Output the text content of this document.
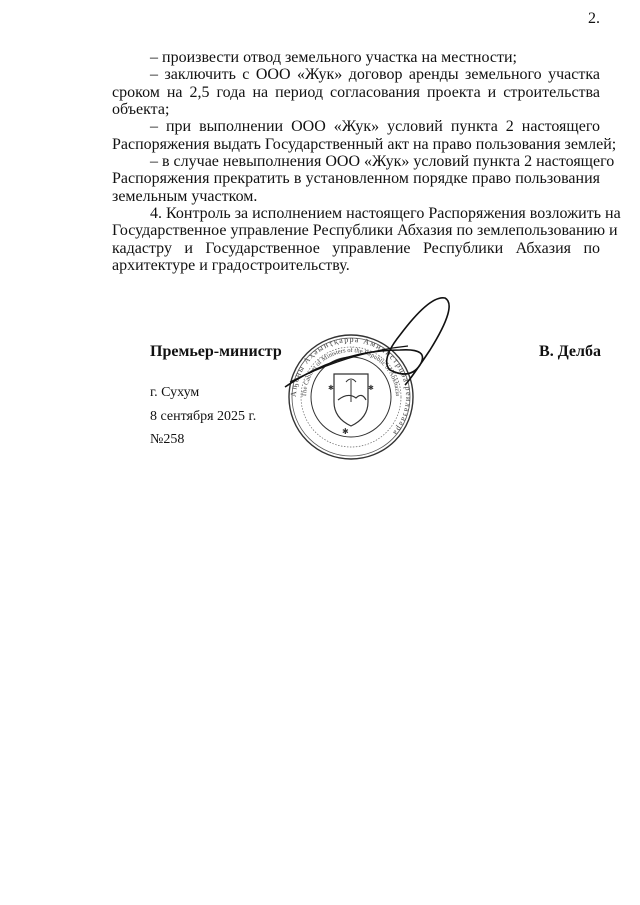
2.
– произвести отвод земельного участка на местности;
– заключить с ООО «Жук» договор аренды земельного участка
сроком на 2,5 года на период согласования проекта и строительства
объекта;
– при выполнении ООО «Жук» условий пункта 2 настоящего
Распоряжения выдать Государственный акт на право пользования землей;
– в случае невыполнения ООО «Жук» условий пункта 2 настоящего
Распоряжения прекратить в установленном порядке право пользования
земельным участком.
4. Контроль за исполнением настоящего Распоряжения возложить на
Государственное управление Республики Абхазия по землепользованию и
кадастру и Государственное управление Республики Абхазия по
архитектуре и градостроительству.
✱
✱	✱
Аҧсны Аҳәынҭқарра Аминистрцәа реилазаара
The Cabinet of Ministers of the Republic of Abkhazia
Премьер-министр	В. Делба
г. Сухум
8 сентября 2025 г.
№258
